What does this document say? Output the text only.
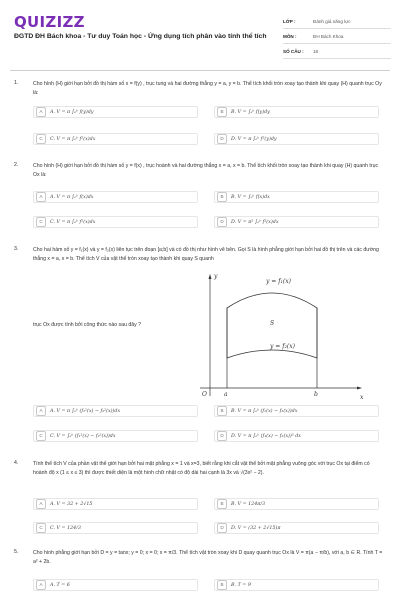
QUIZIZZ
ĐGTD ĐH Bách khoa - Tư duy Toán học - Ứng dụng tích phân vào tính thể tích
LỚP :	Đánh giá năng lực
MÔN :	ĐH Bách Khoa
SỐ CÂU :	18
1.	Cho hình (H) giới hạn bởi đồ thị hàm số x = f(y) , trục tung và hai đường thẳng y = a, y = b. Thể tích khối tròn xoay tạo thành khi quay (H) quanh trục Oy là:
A	A. V = π ∫ₐᵇ f(y)dy	B	B. V = ∫ₐᵇ f(y)dy
C	C. V = π ∫ₐᵇ f²(x)dx	D	D. V = π ∫ₐᵇ f²(y)dy
2.	Cho hình (H) giới hạn bởi đồ thị hàm số y = f(x) , trục hoành và hai đường thẳng x = a, x = b. Thể tích khối tròn xoay tạo thành khi quay (H) quanh trục Ox là:
A	A. V = π ∫ₐᵇ f(x)dx	B	B. V = ∫ₐᵇ f(x)dx
C	C. V = π ∫ₐᵇ f²(x)dx	D	D. V = π² ∫ₐᵇ f²(x)dx
3.	Cho hai hàm số y = f₁(x) và y = f₂(x) liên tục trên đoạn [a;b] và có đồ thị như hình vẽ bên. Gọi S là hình phẳng giới hạn bởi hai đồ thị trên và các đường thẳng x = a, x = b. Thể tích V của vật thể tròn xoay tạo thành khi quay S quanh
trục Ox được tính bởi công thức nào sau đây ?
y = f₁(x)
y = f₂(x)
S
y
x
O	a	b
A	A. V = π ∫ₐᵇ (f₁²(x) − f₂²(x))dx	B	B. V = π ∫ₐᵇ (f₁(x) − f₂(x))dx
C	C. V = ∫ₐᵇ (f₁²(x) − f₂²(x))dx	D	D. V = π ∫ₐᵇ (f₁(x) − f₂(x))² dx
4.	Tính thể tích V của phần vật thể giới hạn bởi hai mặt phẳng x = 1 và x=3, biết rằng khi cắt vật thể bởi mặt phẳng vuông góc với trục Ox tại điểm có hoành độ x (1 ≤ x ≤ 3) thì được thiết diện là một hình chữ nhật có độ dài hai cạnh là 3x và √(3x² − 2).
A	A. V = 32 + 2√15	B	B. V = 124π/3
C	C. V = 124/3	D	D. V = (32 + 2√15)π
5.	Cho hình phẳng giới hạn bởi D = y = tanx; y = 0; x = 0; x = π/3. Thể tích vật tròn xoay khi D quay quanh trục Ox là V = π(a − π/b), với a, b ∈ R. Tính T = a² + 2b.
A	A. T = 6	B	B. T = 9
